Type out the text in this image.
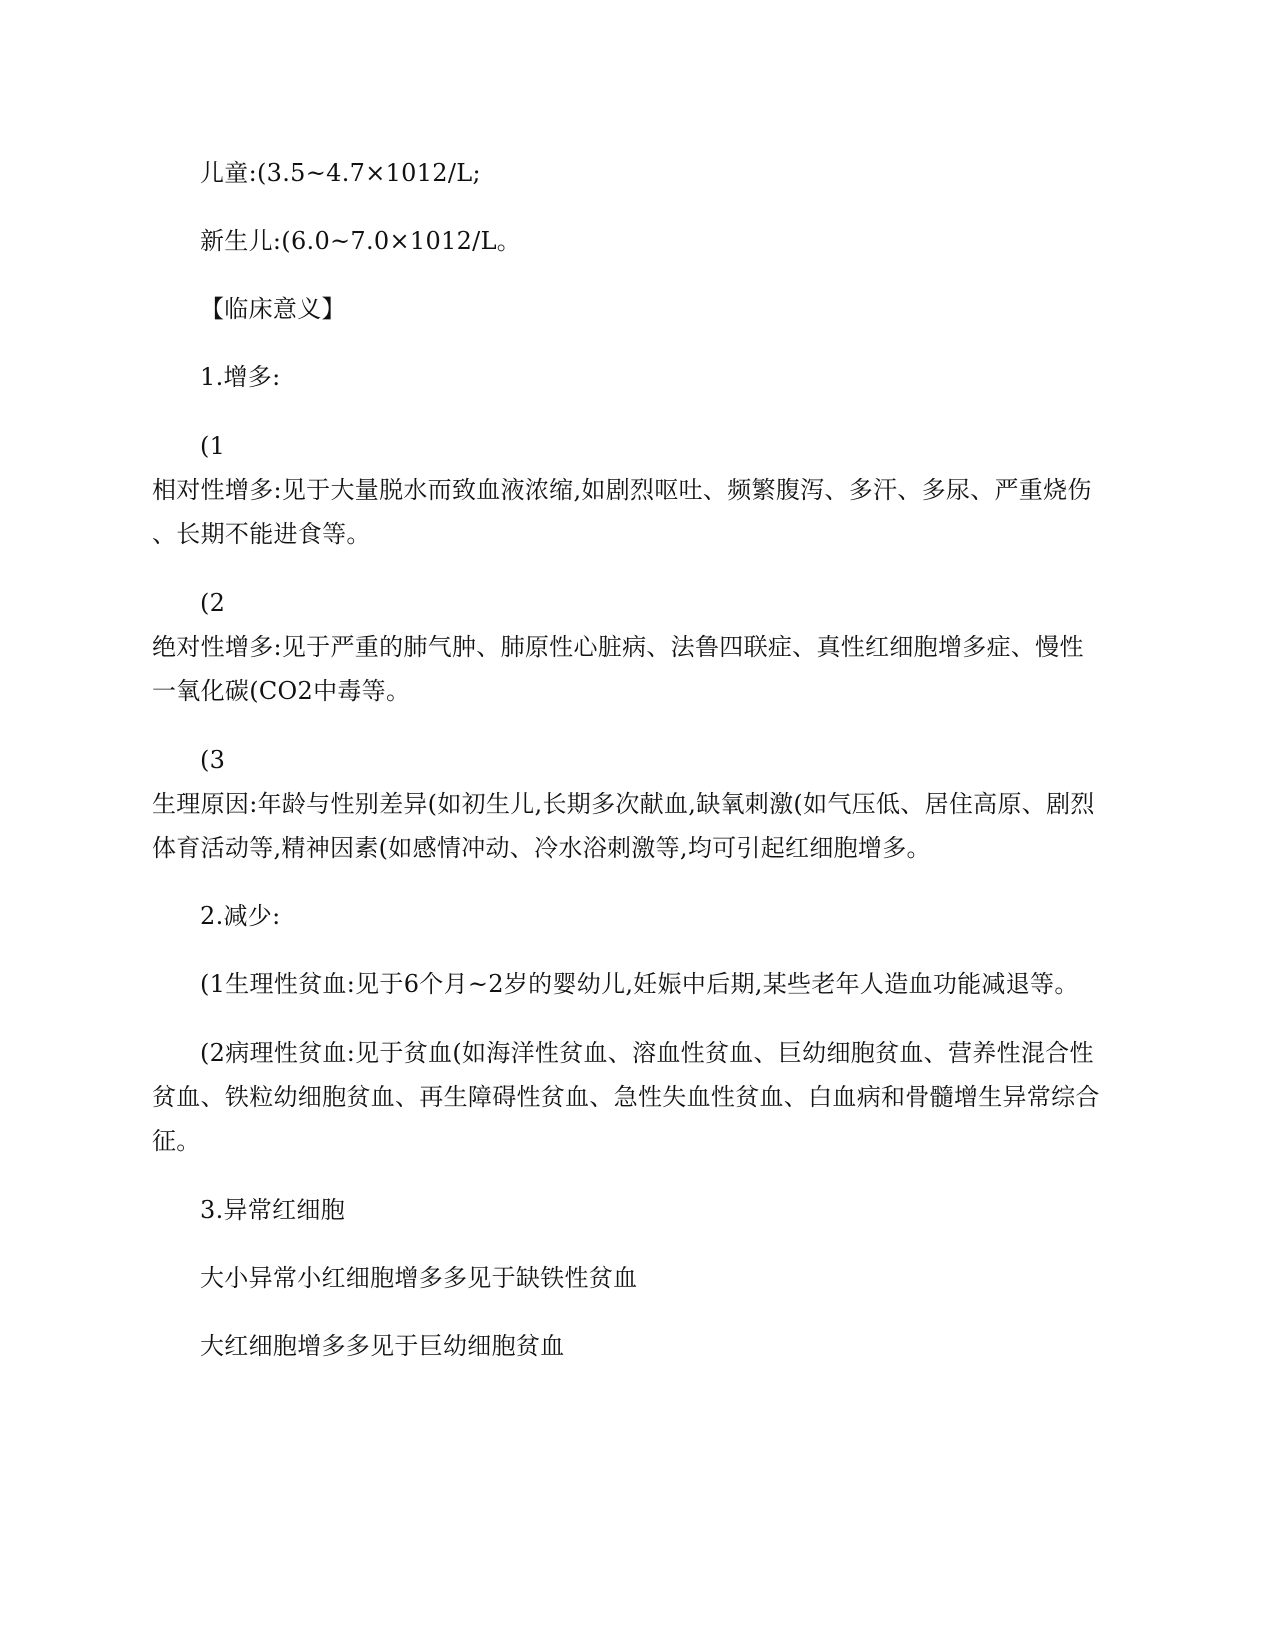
儿童:(3.5~4.7×1012/L;
新生儿:(6.0~7.0×1012/L。
【临床意义】
1.增多:
(1
相对性增多:见于大量脱水而致血液浓缩,如剧烈呕吐、频繁腹泻、多汗、多尿、严重烧伤
、长期不能进食等。
(2
绝对性增多:见于严重的肺气肿、肺原性心脏病、法鲁四联症、真性红细胞增多症、慢性
一氧化碳(CO2中毒等。
(3
生理原因:年龄与性别差异(如初生儿,长期多次献血,缺氧刺激(如气压低、居住高原、剧烈
体育活动等,精神因素(如感情冲动、冷水浴刺激等,均可引起红细胞增多。
2.减少:
(1生理性贫血:见于6个月~2岁的婴幼儿,妊娠中后期,某些老年人造血功能减退等。
(2病理性贫血:见于贫血(如海洋性贫血、溶血性贫血、巨幼细胞贫血、营养性混合性
贫血、铁粒幼细胞贫血、再生障碍性贫血、急性失血性贫血、白血病和骨髓增生异常综合
征。
3.异常红细胞
大小异常小红细胞增多多见于缺铁性贫血
大红细胞增多多见于巨幼细胞贫血
